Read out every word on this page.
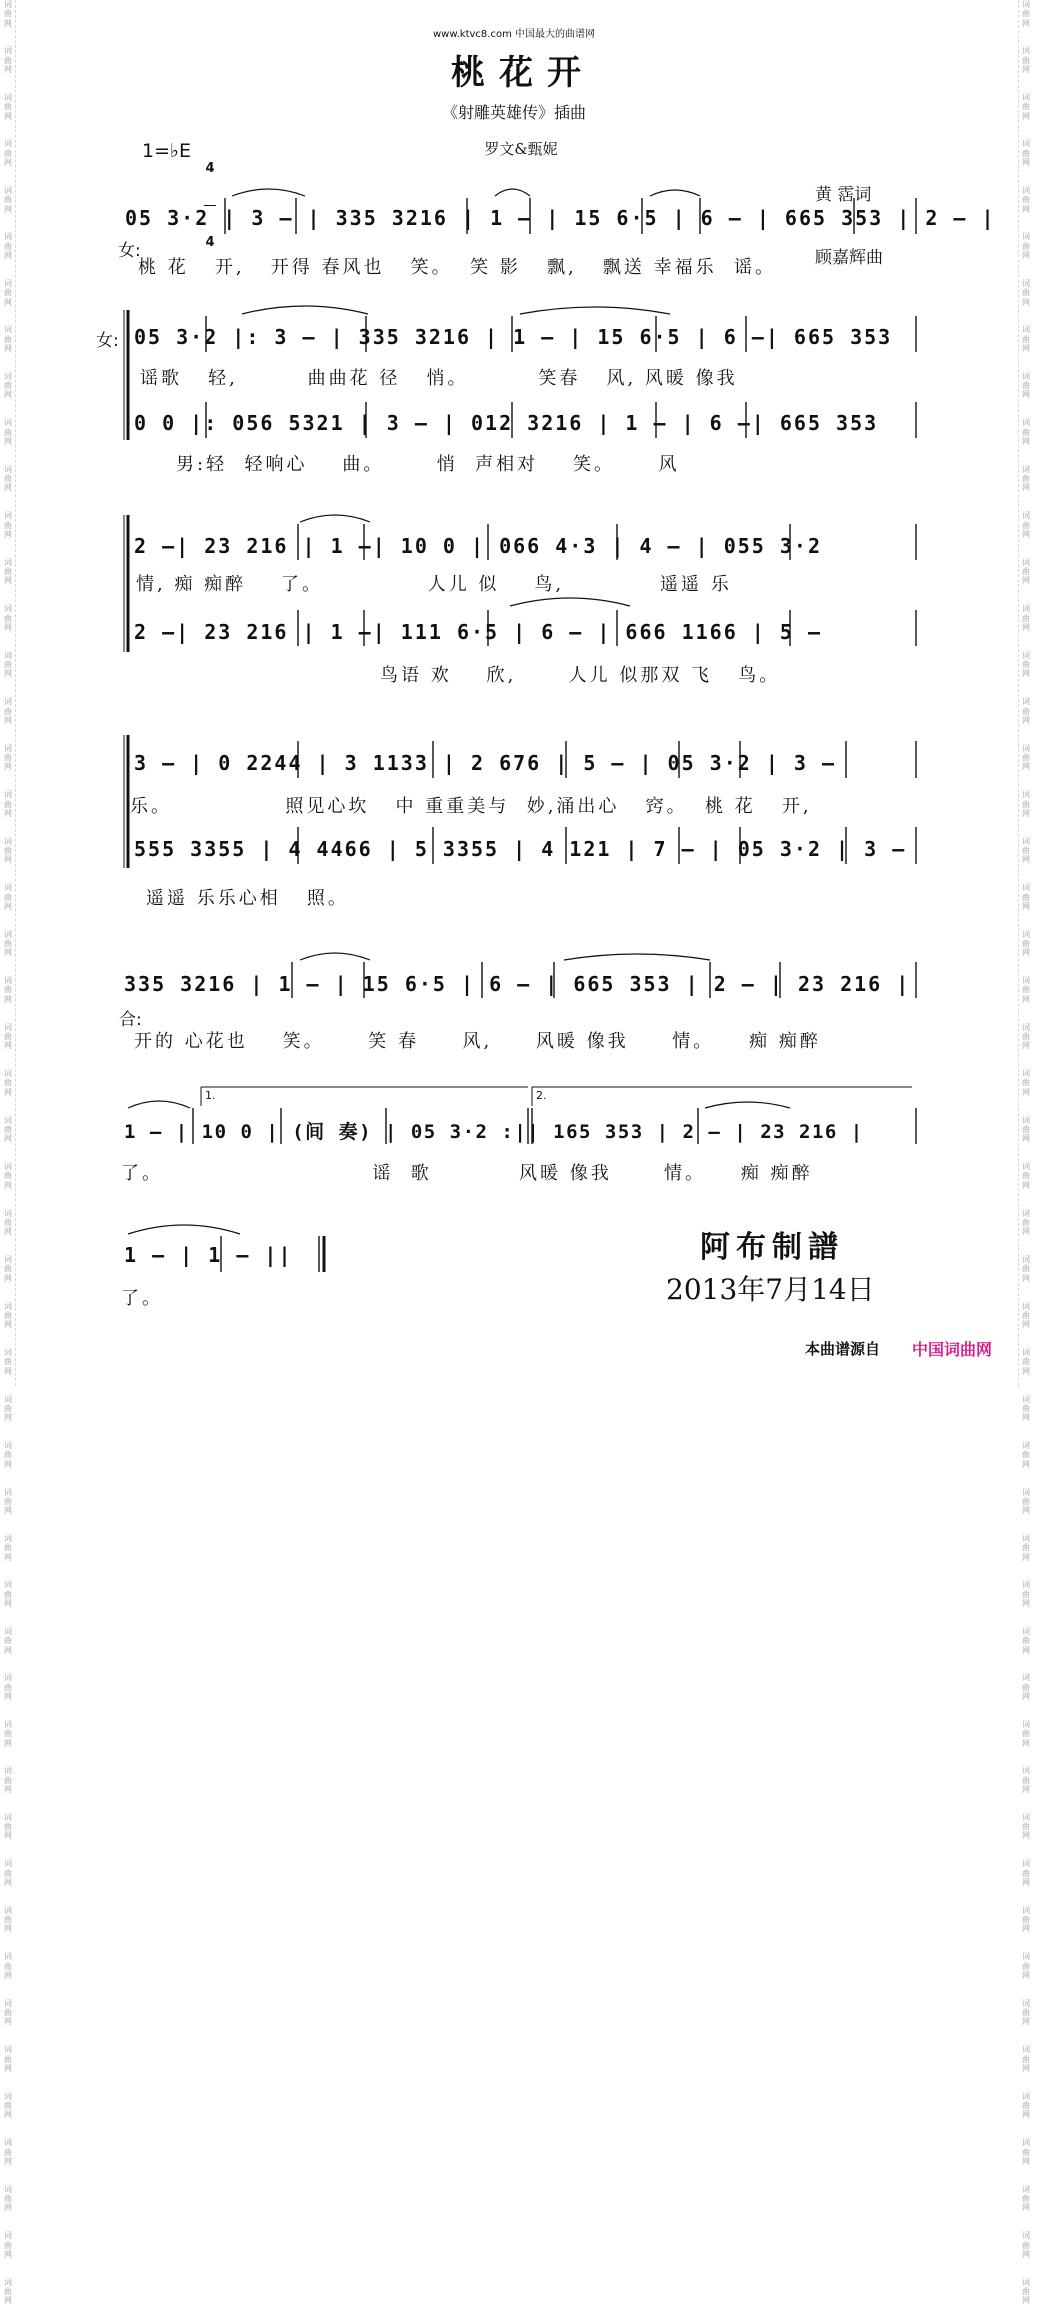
词
曲
网

词
曲
网

词
曲
网

词
曲
网

词
曲
网

词
曲
网

词
曲
网

词
曲
网

词
曲
网

词
曲
网

词
曲
网

词
曲
网

词
曲
网

词
曲
网

词
曲
网

词
曲
网

词
曲
网

词
曲
网

词
曲
网

词
曲
网

词
曲
网

词
曲
网

词
曲
网

词
曲
网

词
曲
网

词
曲
网

词
曲
网

词
曲
网

词
曲
网

词
曲
网

词
曲
网

词
曲
网

词
曲
网

词
曲
网

词
曲
网

词
曲
网

词
曲
网

词
曲
网

词
曲
网

词
曲
网

词
曲
网

词
曲
网

词
曲
网

词
曲
网

词
曲
网

词
曲
网

词
曲
网

词
曲
网

词
曲
网

词
曲
网

词
曲
网

词
曲
网

词
曲
网

词
曲
网

词
曲
网

词
曲
网

词
曲
网

词
曲
网

词
曲
网

词
曲
网

词
曲
网

词
曲
网

词
曲
网

词
曲
网

词
曲
网

词
曲
网

词
曲
网

词
曲
网

词
曲
网

词
曲
网

词
曲
网

词
曲
网

词
曲
网

词
曲
网

词
曲
网

词
曲
网

词
曲
网

词
曲
网

词
曲
网

词
曲
网

词
曲
网

词
曲
网

词
曲
网

词
曲
网

词
曲
网

词
曲
网

词
曲
网

词
曲
网

词
曲
网

词
曲
网

词
曲
网

词
曲
网

词
曲
网

词
曲
网

词
曲
网

词
曲
网

词
曲
网

词
曲
网

词
曲
网

词
曲
网

www.ktvc8.com 中国最大的曲谱网
桃花开
《射雕英雄传》插曲
罗文&甄妮
1=♭E

4

4

黄 霑词

顾嘉辉曲

05 3·2 | 3 – | 335 3216 | 1 – | 15 6·5 | 6 – | 665 353 | 2 – |
女:
桃 花   开,   开得 春风也   笑。  笑 影   飘,   飘送 幸福乐  谣。
女: 05 3·2 |: 3 – | 335 3216 | 1 – | 15 6·5 | 6 –| 665 353
谣歌   轻,        曲曲花 径   悄。        笑春   风, 风暖 像我
0 0 |: 056 5321 | 3 – | 012 3216 | 1 – | 6 –| 665 353
男:轻  轻响心    曲。      悄  声相对    笑。     风
2 –| 23 216 | 1 –| 10 0 | 066 4·3 | 4 – | 055 3·2
情, 痴 痴醉    了。            人儿 似    鸟,           遥遥 乐
2 –| 23 216 | 1 –| 111 6·5 | 6 – | 666 1166 | 5 –
鸟语 欢    欣,      人儿 似那双 飞   鸟。
3 – | 0 2244 | 3 1133 | 2 676 | 5 – | 05 3·2 | 3 –
乐。             照见心坎   中 重重美与  妙,涌出心   窍。  桃 花   开,
555 3355 | 4 4466 | 5 3355 | 4 121 | 7 – | 05 3·2 | 3 –
遥遥 乐乐心相   照。
335 3216 | 1 – | 15 6·5 | 6 – | 665 353 | 2 – | 23 216 |
合:
开的 心花也    笑。     笑 春     风,     风暖 像我     情。    痴 痴醉
1.	2.
1 – | 10 0 | (间 奏) | 05 3·2 :|| 165 353 | 2 – | 23 216 |
了。                        谣  歌          风暖 像我      情。    痴 痴醉
1 – | 1 – ||
了。
阿布制譜
2013年7月14日
本曲谱源自 中国词曲网
